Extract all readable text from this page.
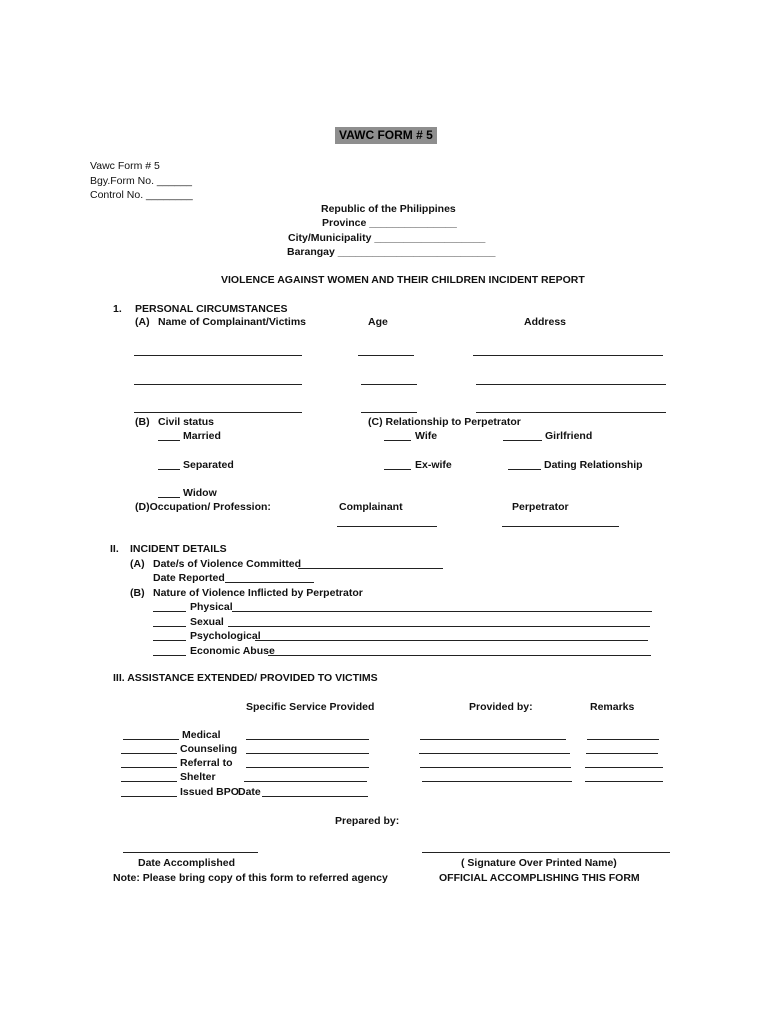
VAWC FORM # 5
Vawc Form # 5
Bgy.Form No. ______
Control No. ________
Republic of the Philippines
Province _______________
City/Municipality ___________________
Barangay ___________________________
VIOLENCE AGAINST WOMEN AND THEIR CHILDREN INCIDENT REPORT
1. PERSONAL CIRCUMSTANCES
(A) Name of Complainant/Victims	Age	Address
(B) Civil status	(C) Relationship to Perpetrator
Married	Wife	Girlfriend
Separated	Ex-wife	Dating Relationship
Widow
(D)Occupation/ Profession:	Complainant	Perpetrator
II. INCIDENT DETAILS
(A) Date/s of Violence Committed
Date Reported
(B) Nature of Violence Inflicted by Perpetrator
Physical
Sexual
Psychological
Economic Abuse
III. ASSISTANCE EXTENDED/ PROVIDED TO VICTIMS
Specific Service Provided	Provided by:	Remarks
Medical
Counseling
Referral to
Shelter
Issued BPO Date
Prepared by:
Date Accomplished	( Signature Over Printed Name)
Note: Please bring copy of this form to referred agency	OFFICIAL ACCOMPLISHING THIS FORM
